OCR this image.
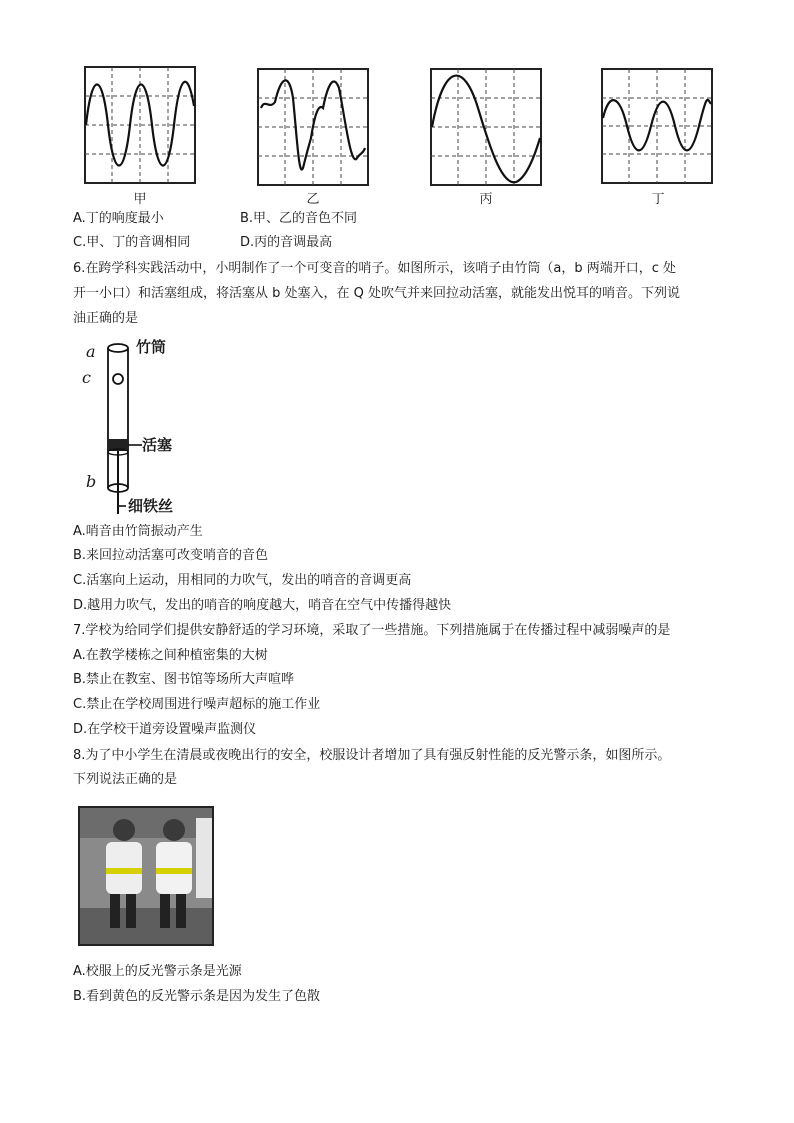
甲	乙	丙	丁
A.丁的响度最小	B.甲、乙的音色不同
C.甲、丁的音调相同	D.丙的音调最高
6.在跨学科实践活动中，小明制作了一个可变音的哨子。如图所示，该哨子由竹筒（a，b 两端开口，c 处
开一小口）和活塞组成，将活塞从 b 处塞入，在 Q 处吹气并来回拉动活塞，就能发出悦耳的哨音。下列说
油正确的是
a
c
b
竹筒
活塞
细铁丝
A.哨音由竹筒振动产生
B.来回拉动活塞可改变哨音的音色
C.活塞向上运动，用相同的力吹气，发出的哨音的音调更高
D.越用力吹气，发出的哨音的响度越大，哨音在空气中传播得越快
7.学校为给同学们提供安静舒适的学习环境，采取了一些措施。下列措施属于在传播过程中减弱噪声的是
A.在教学楼栋之间种植密集的大树
B.禁止在教室、图书馆等场所大声喧哗
C.禁止在学校周围进行噪声超标的施工作业
D.在学校干道旁设置噪声监测仪
8.为了中小学生在清晨或夜晚出行的安全，校服设计者增加了具有强反射性能的反光警示条，如图所示。
下列说法正确的是
A.校服上的反光警示条是光源
B.看到黄色的反光警示条是因为发生了色散
